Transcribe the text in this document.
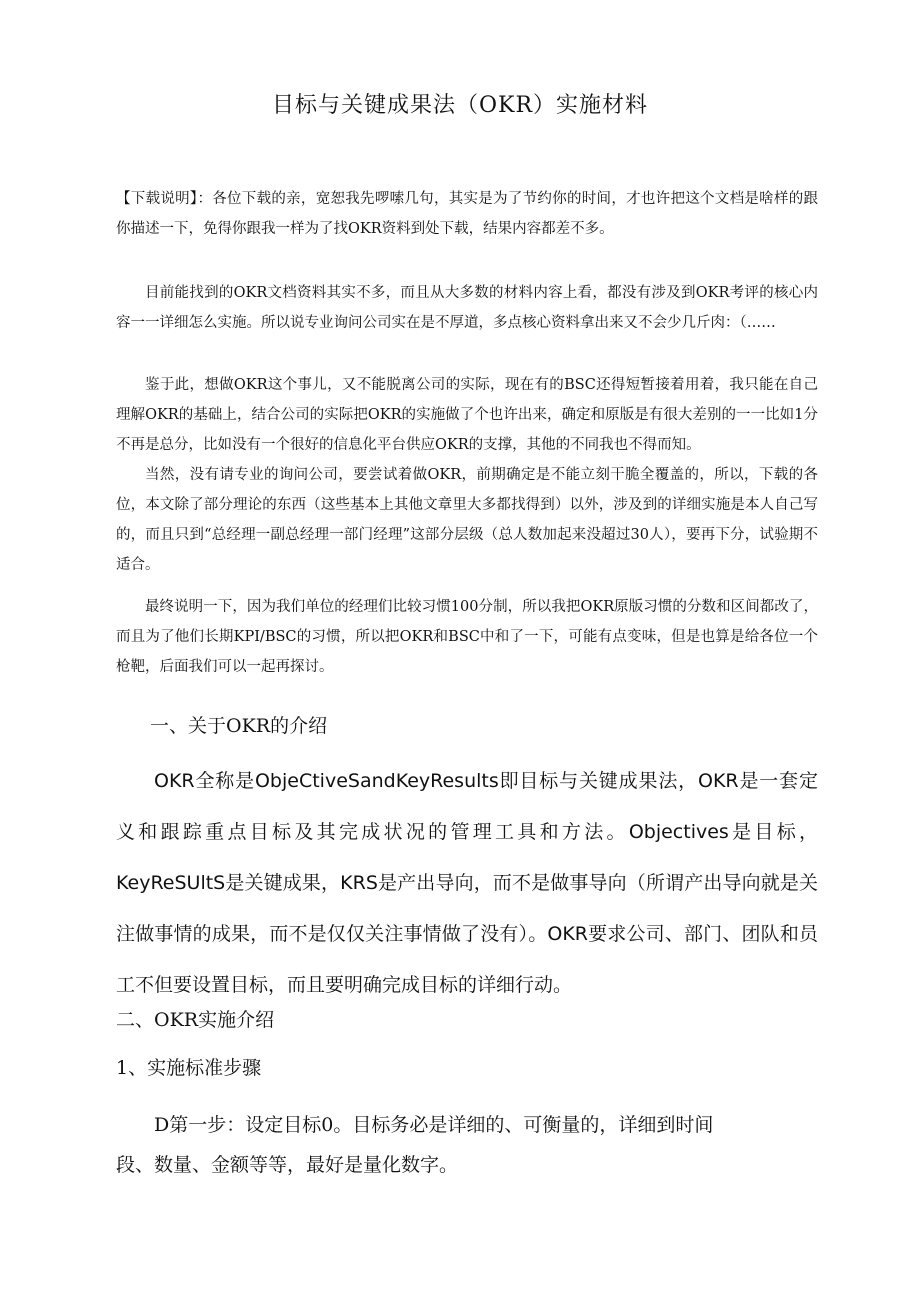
目标与关键成果法（OKR）实施材料

【下载说明】：各位下载的亲，宽恕我先啰嗦几句，其实是为了节约你的时间，才也许把这个文档是啥样的跟你描述一下，免得你跟我一样为了找OKR资料到处下载，结果内容都差不多。

目前能找到的OKR文档资料其实不多，而且从大多数的材料内容上看，都没有涉及到OKR考评的核心内容一一详细怎么实施。所以说专业询问公司实在是不厚道，多点核心资料拿出来又不会少几斤肉：（……

鉴于此，想做OKR这个事儿，又不能脱离公司的实际，现在有的BSC还得短暂接着用着，我只能在自己理解OKR的基础上，结合公司的实际把OKR的实施做了个也许出来，确定和原版是有很大差别的一一比如1分不再是总分，比如没有一个很好的信息化平台供应OKR的支撑，其他的不同我也不得而知。

当然，没有请专业的询问公司，要尝试着做OKR，前期确定是不能立刻干脆全覆盖的，所以，下载的各位，本文除了部分理论的东西（这些基本上其他文章里大多都找得到）以外，涉及到的详细实施是本人自己写的，而且只到“总经理一副总经理一部门经理”这部分层级（总人数加起来没超过30人），要再下分，试验期不适合。

最终说明一下，因为我们单位的经理们比较习惯100分制，所以我把OKR原版习惯的分数和区间都改了，而且为了他们长期KPI/BSC的习惯，所以把OKR和BSC中和了一下，可能有点变味，但是也算是给各位一个枪靶，后面我们可以一起再探讨。

一、关于OKR的介绍
OKR全称是ObjeCtiveSandKeyResults即目标与关键成果法，OKR是一套定义和跟踪重点目标及其完成状况的管理工具和方法。Objectives是目标，KeyReSUltS是关键成果，KRS是产出导向，而不是做事导向（所谓产出导向就是关注做事情的成果，而不是仅仅关注事情做了没有）。OKR要求公司、部门、团队和员工不但要设置目标，而且要明确完成目标的详细行动。
二、OKR实施介绍
1、实施标准步骤
D第一步：设定目标0。目标务必是详细的、可衡量的，详细到时间
段、数量、金额等等，最好是量化数字。
